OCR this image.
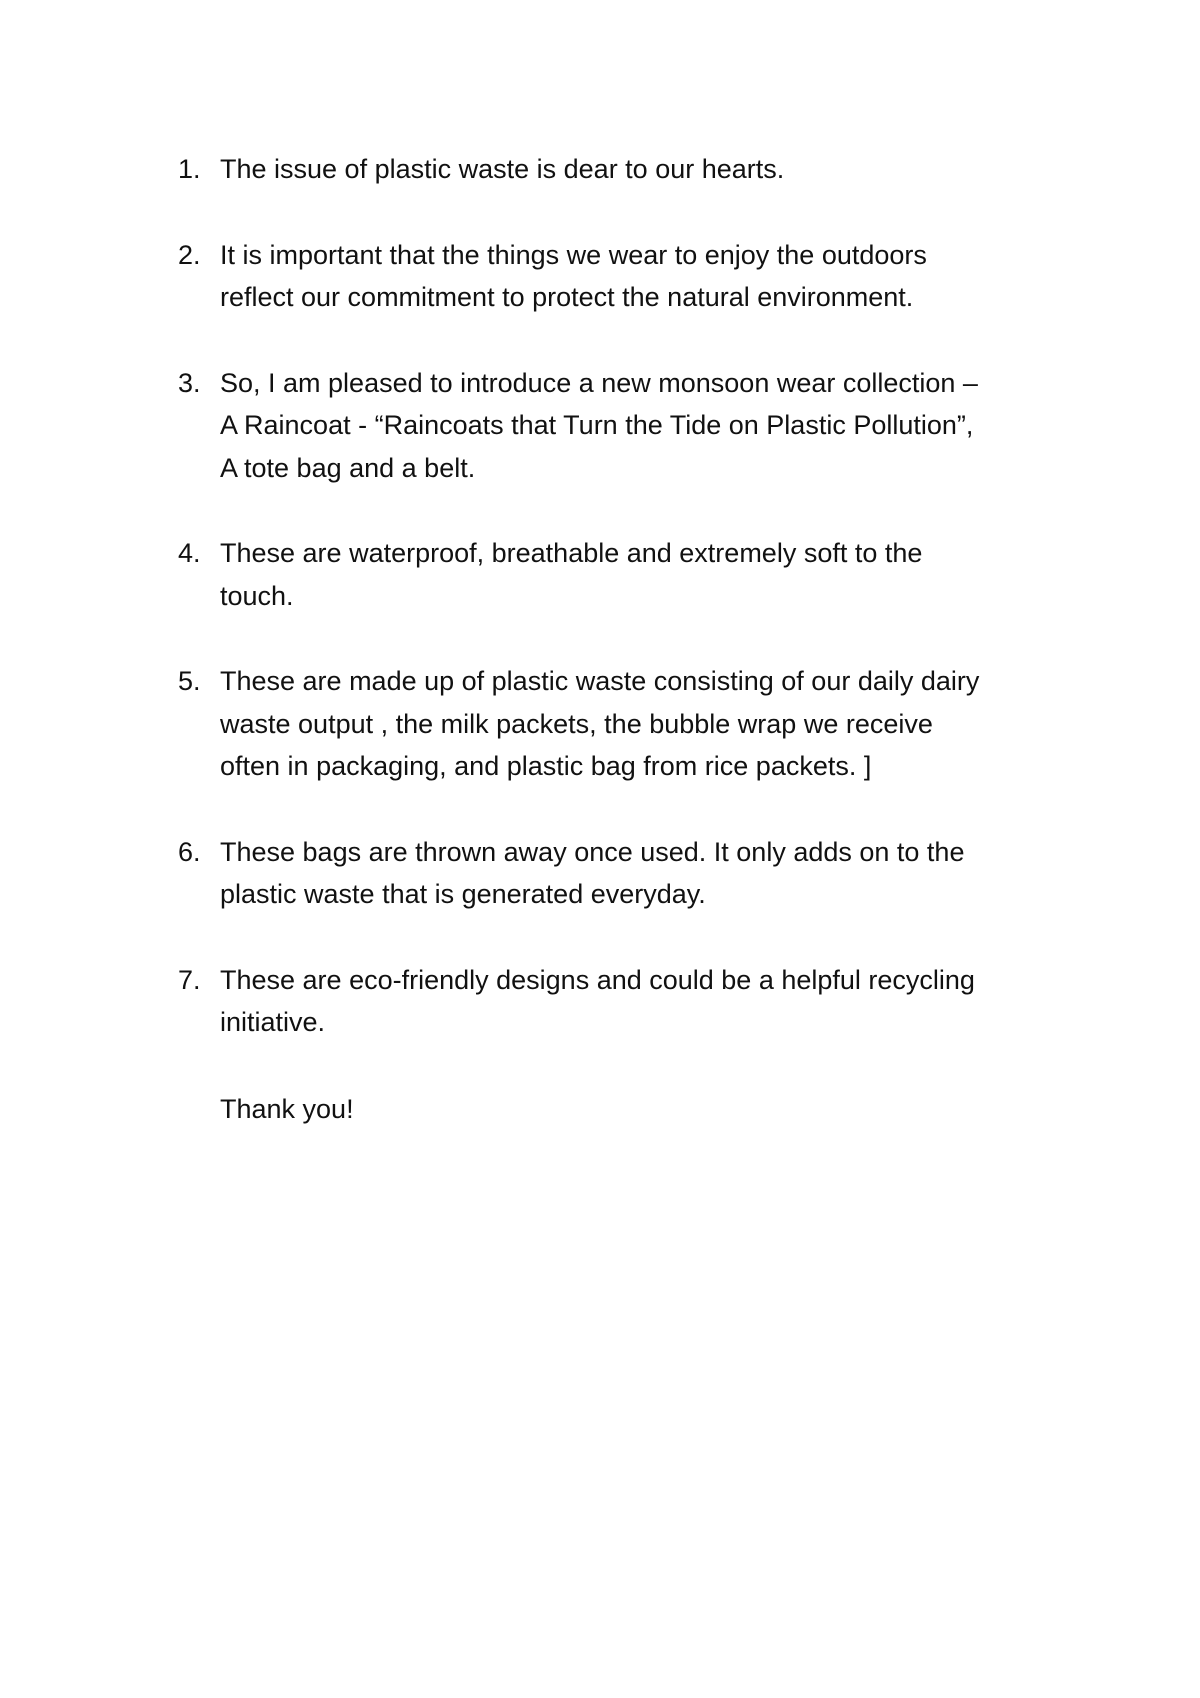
1. The issue of plastic waste is dear to our hearts.
2. It is important that the things we wear to enjoy the outdoors
reflect our commitment to protect the natural environment.
3. So, I am pleased to introduce a new monsoon wear collection –
A Raincoat - “Raincoats that Turn the Tide on Plastic Pollution”,
A tote bag and a belt.
4. These are waterproof, breathable and extremely soft to the
touch.
5. These are made up of plastic waste consisting of our daily dairy
waste output , the milk packets, the bubble wrap we receive
often in packaging, and plastic bag from rice packets. ]
6. These bags are thrown away once used. It only adds on to the
plastic waste that is generated everyday.
7. These are eco-friendly designs and could be a helpful recycling
initiative.
Thank you!
